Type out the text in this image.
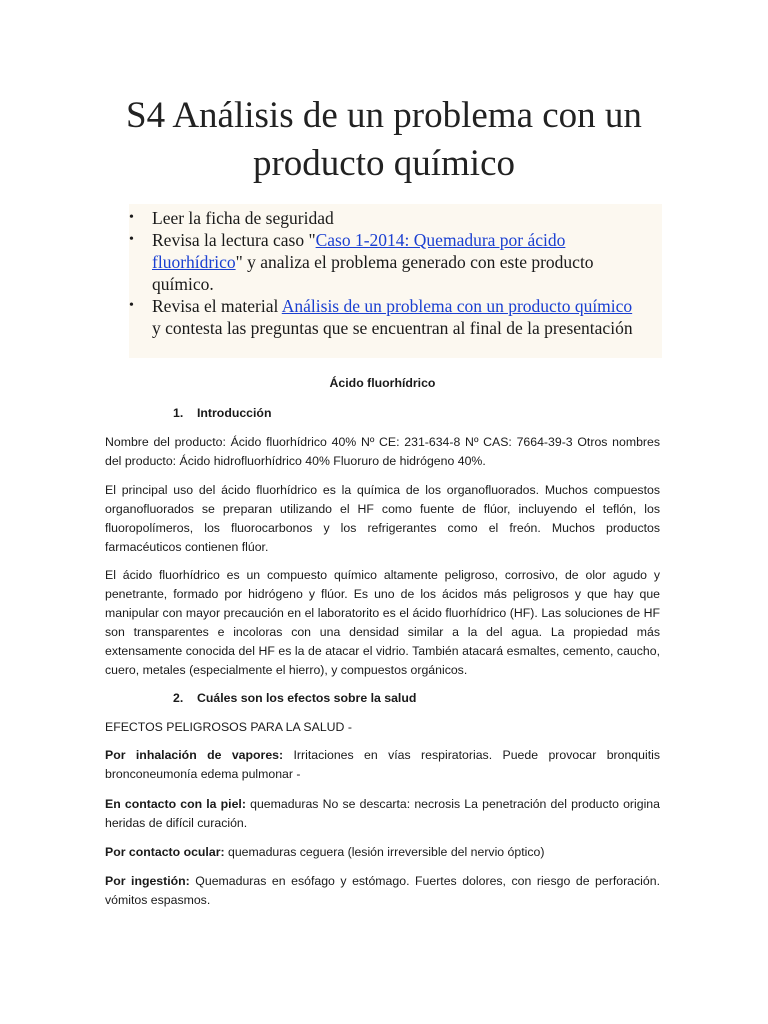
S4 Análisis de un problema con un producto químico
• Leer la ficha de seguridad
• Revisa la lectura caso "Caso 1-2014: Quemadura por ácido fluorhídrico" y analiza el problema generado con este producto químico.
• Revisa el material Análisis de un problema con un producto químico y contesta las preguntas que se encuentran al final de la presentación

Ácido fluorhídrico

1. Introducción

Nombre del producto: Ácido fluorhídrico 40% Nº CE: 231-634-8 Nº CAS: 7664-39-3 Otros nombres del producto: Ácido hidrofluorhídrico 40% Fluoruro de hidrógeno 40%.

El principal uso del ácido fluorhídrico es la química de los organofluorados. Muchos compuestos organofluorados se preparan utilizando el HF como fuente de flúor, incluyendo el teflón, los fluoropolímeros, los fluorocarbonos y los refrigerantes como el freón. Muchos productos farmacéuticos contienen flúor.

El ácido fluorhídrico es un compuesto químico altamente peligroso, corrosivo, de olor agudo y penetrante, formado por hidrógeno y flúor. Es uno de los ácidos más peligrosos y que hay que manipular con mayor precaución en el laboratorito es el ácido fluorhídrico (HF). Las soluciones de HF son transparentes e incoloras con una densidad similar a la del agua. La propiedad más extensamente conocida del HF es la de atacar el vidrio. También atacará esmaltes, cemento, caucho, cuero, metales (especialmente el hierro), y compuestos orgánicos.

2. Cuáles son los efectos sobre la salud

EFECTOS PELIGROSOS PARA LA SALUD -

Por inhalación de vapores: Irritaciones en vías respiratorias. Puede provocar bronquitis bronconeumonía edema pulmonar -

En contacto con la piel: quemaduras No se descarta: necrosis La penetración del producto origina heridas de difícil curación.

Por contacto ocular: quemaduras ceguera (lesión irreversible del nervio óptico)

Por ingestión: Quemaduras en esófago y estómago. Fuertes dolores, con riesgo de perforación. vómitos espasmos.
